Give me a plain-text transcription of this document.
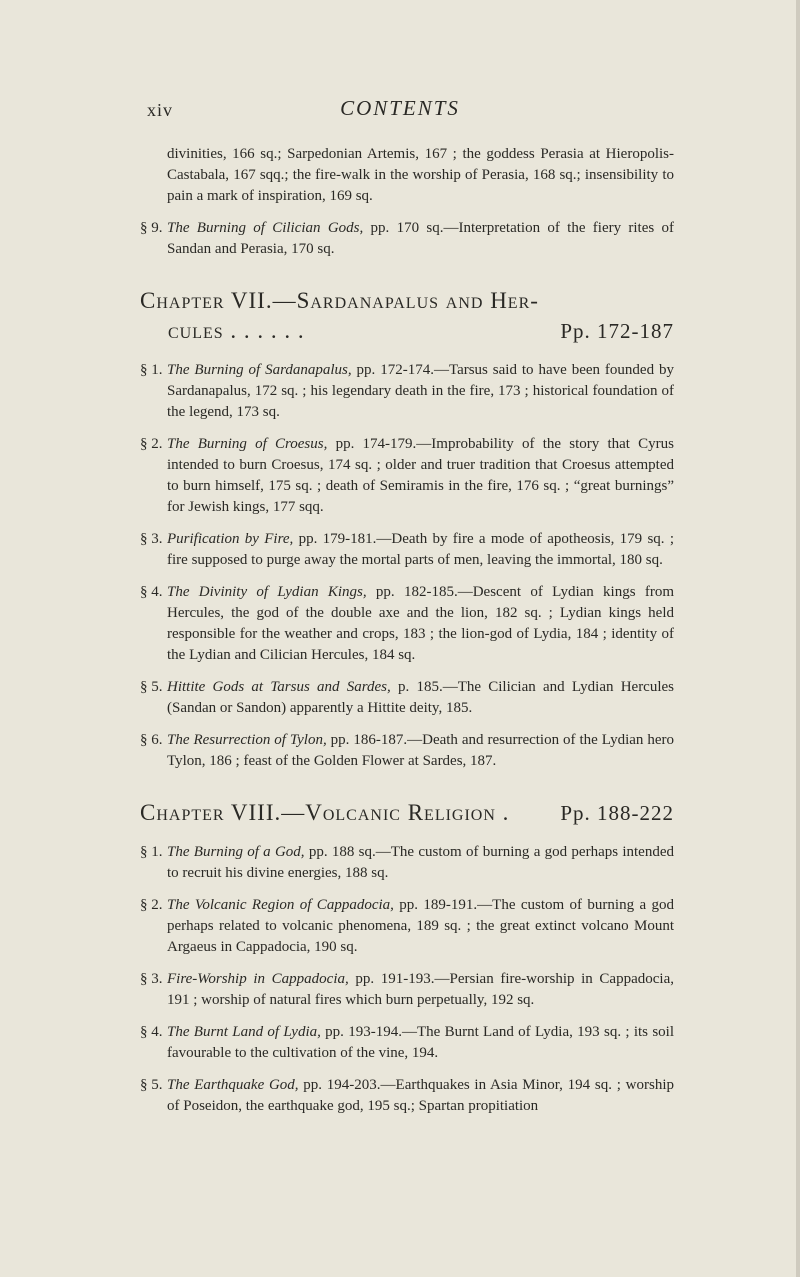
xiv	CONTENTS

divinities, 166 sq.; Sarpedonian Artemis, 167 ; the goddess Perasia at Hieropolis-Castabala, 167 sqq.; the fire-walk in the worship of Perasia, 168 sq.; insensibility to pain a mark of inspiration, 169 sq.

§ 9. The Burning of Cilician Gods, pp. 170 sq.—Interpretation of the fiery rites of Sandan and Perasia, 170 sq.
Chapter VII.—Sardanapalus and Her-
cules . . . . . .	Pp. 172-187
§ 1. The Burning of Sardanapalus, pp. 172-174.—Tarsus said to have been founded by Sardanapalus, 172 sq. ; his legendary death in the fire, 173 ; historical foundation of the legend, 173 sq.
§ 2. The Burning of Croesus, pp. 174-179.—Improbability of the story that Cyrus intended to burn Croesus, 174 sq. ; older and truer tradition that Croesus attempted to burn himself, 175 sq. ; death of Semiramis in the fire, 176 sq. ; “great burnings” for Jewish kings, 177 sqq.
§ 3. Purification by Fire, pp. 179-181.—Death by fire a mode of apotheosis, 179 sq. ; fire supposed to purge away the mortal parts of men, leaving the immortal, 180 sq.
§ 4. The Divinity of Lydian Kings, pp. 182-185.—Descent of Lydian kings from Hercules, the god of the double axe and the lion, 182 sq. ; Lydian kings held responsible for the weather and crops, 183 ; the lion-god of Lydia, 184 ; identity of the Lydian and Cilician Hercules, 184 sq.
§ 5. Hittite Gods at Tarsus and Sardes, p. 185.—The Cilician and Lydian Hercules (Sandan or Sandon) apparently a Hittite deity, 185.
§ 6. The Resurrection of Tylon, pp. 186-187.—Death and resurrection of the Lydian hero Tylon, 186 ; feast of the Golden Flower at Sardes, 187.
Chapter VIII.—Volcanic Religion . Pp. 188-222
§ 1. The Burning of a God, pp. 188 sq.—The custom of burning a god perhaps intended to recruit his divine energies, 188 sq.
§ 2. The Volcanic Region of Cappadocia, pp. 189-191.—The custom of burning a god perhaps related to volcanic phenomena, 189 sq. ; the great extinct volcano Mount Argaeus in Cappadocia, 190 sq.
§ 3. Fire-Worship in Cappadocia, pp. 191-193.—Persian fire-worship in Cappadocia, 191 ; worship of natural fires which burn perpetually, 192 sq.
§ 4. The Burnt Land of Lydia, pp. 193-194.—The Burnt Land of Lydia, 193 sq. ; its soil favourable to the cultivation of the vine, 194.
§ 5. The Earthquake God, pp. 194-203.—Earthquakes in Asia Minor, 194 sq. ; worship of Poseidon, the earthquake god, 195 sq.; Spartan propitiation
